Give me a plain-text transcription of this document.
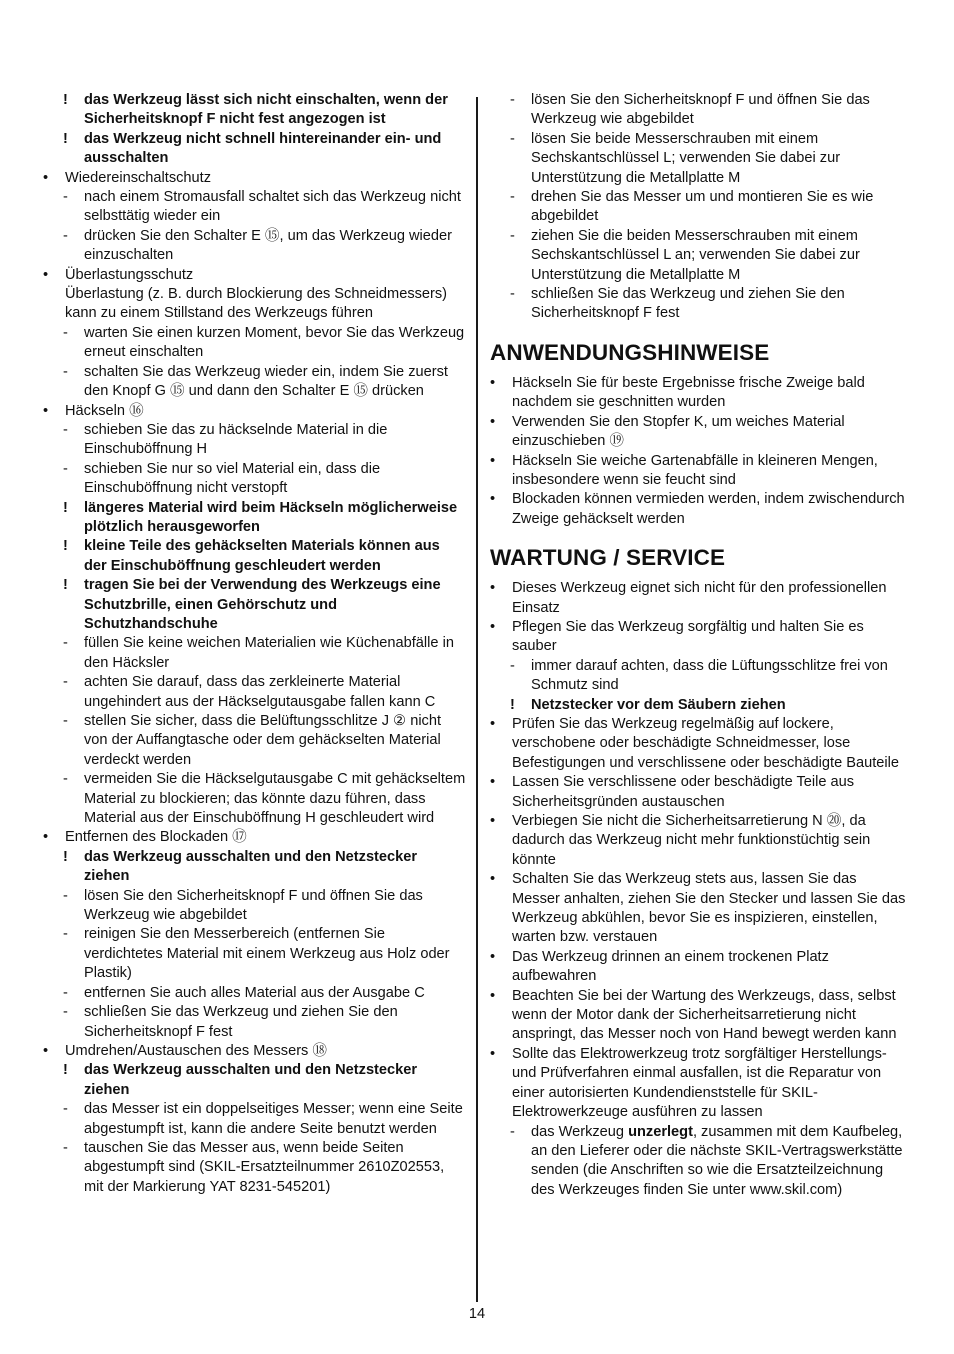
! das Werkzeug lässt sich nicht einschalten, wenn der Sicherheitsknopf F nicht fest angezogen ist
! das Werkzeug nicht schnell hintereinander ein- und ausschalten
• Wiedereinschaltschutz
- nach einem Stromausfall schaltet sich das Werkzeug nicht selbsttätig wieder ein
- drücken Sie den Schalter E ⑮, um das Werkzeug wieder einzuschalten
• Überlastungsschutz
Überlastung (z. B. durch Blockierung des Schneidmessers) kann zu einem Stillstand des Werkzeugs führen
- warten Sie einen kurzen Moment, bevor Sie das Werkzeug erneut einschalten
- schalten Sie das Werkzeug wieder ein, indem Sie zuerst den Knopf G ⑮ und dann den Schalter E ⑮ drücken
• Häckseln ⑯
- schieben Sie das zu häckselnde Material in die Einschuböffnung H
- schieben Sie nur so viel Material ein, dass die Einschuböffnung nicht verstopft
! längeres Material wird beim Häckseln möglicherweise plötzlich herausgeworfen
! kleine Teile des gehäckselten Materials können aus der Einschuböffnung geschleudert werden
! tragen Sie bei der Verwendung des Werkzeugs eine Schutzbrille, einen Gehörschutz und Schutzhandschuhe
- füllen Sie keine weichen Materialien wie Küchenabfälle in den Häcksler
- achten Sie darauf, dass das zerkleinerte Material ungehindert aus der Häckselgutausgabe fallen kann C
- stellen Sie sicher, dass die Belüftungsschlitze J ② nicht von der Auffangtasche oder dem gehäckselten Material verdeckt werden
- vermeiden Sie die Häckselgutausgabe C mit gehäckseltem Material zu blockieren; das könnte dazu führen, dass Material aus der Einschuböffnung H geschleudert wird
• Entfernen des Blockaden ⑰
! das Werkzeug ausschalten und den Netzstecker ziehen
- lösen Sie den Sicherheitsknopf F und öffnen Sie das Werkzeug wie abgebildet
- reinigen Sie den Messerbereich (entfernen Sie verdichtetes Material mit einem Werkzeug aus Holz oder Plastik)
- entfernen Sie auch alles Material aus der Ausgabe C
- schließen Sie das Werkzeug und ziehen Sie den Sicherheitsknopf F fest
• Umdrehen/Austauschen des Messers ⑱
! das Werkzeug ausschalten und den Netzstecker ziehen
- das Messer ist ein doppelseitiges Messer; wenn eine Seite abgestumpft ist, kann die andere Seite benutzt werden
- tauschen Sie das Messer aus, wenn beide Seiten abgestumpft sind (SKIL-Ersatzteilnummer 2610Z02553, mit der Markierung YAT 8231-545201)
- lösen Sie den Sicherheitsknopf F und öffnen Sie das Werkzeug wie abgebildet
- lösen Sie beide Messerschrauben mit einem Sechskantschlüssel L; verwenden Sie dabei zur Unterstützung die Metallplatte M
- drehen Sie das Messer um und montieren Sie es wie abgebildet
- ziehen Sie die beiden Messerschrauben mit einem Sechskantschlüssel L an; verwenden Sie dabei zur Unterstützung die Metallplatte M
- schließen Sie das Werkzeug und ziehen Sie den Sicherheitsknopf F fest
ANWENDUNGSHINWEISE
• Häckseln Sie für beste Ergebnisse frische Zweige bald nachdem sie geschnitten wurden
• Verwenden Sie den Stopfer K, um weiches Material einzuschieben ⑲
• Häckseln Sie weiche Gartenabfälle in kleineren Mengen, insbesondere wenn sie feucht sind
• Blockaden können vermieden werden, indem zwischendurch Zweige gehäckselt werden
WARTUNG / SERVICE
• Dieses Werkzeug eignet sich nicht für den professionellen Einsatz
• Pflegen Sie das Werkzeug sorgfältig und halten Sie es sauber
- immer darauf achten, dass die Lüftungsschlitze frei von Schmutz sind
! Netzstecker vor dem Säubern ziehen
• Prüfen Sie das Werkzeug regelmäßig auf lockere, verschobene oder beschädigte Schneidmesser, lose Befestigungen und verschlissene oder beschädigte Bauteile
• Lassen Sie verschlissene oder beschädigte Teile aus Sicherheitsgründen austauschen
• Verbiegen Sie nicht die Sicherheitsarretierung N ⑳, da dadurch das Werkzeug nicht mehr funktionstüchtig sein könnte
• Schalten Sie das Werkzeug stets aus, lassen Sie das Messer anhalten, ziehen Sie den Stecker und lassen Sie das Werkzeug abkühlen, bevor Sie es inspizieren, einstellen, warten bzw. verstauen
• Das Werkzeug drinnen an einem trockenen Platz aufbewahren
• Beachten Sie bei der Wartung des Werkzeugs, dass, selbst wenn der Motor dank der Sicherheitsarretierung nicht anspringt, das Messer noch von Hand bewegt werden kann
• Sollte das Elektrowerkzeug trotz sorgfältiger Herstellungs- und Prüfverfahren einmal ausfallen, ist die Reparatur von einer autorisierten Kundendienststelle für SKIL-Elektrowerkzeuge ausführen zu lassen
- das Werkzeug unzerlegt, zusammen mit dem Kaufbeleg, an den Lieferer oder die nächste SKIL-Vertragswerkstätte senden (die Anschriften so wie die Ersatzteilzeichnung des Werkzeuges finden Sie unter www.skil.com)
14
